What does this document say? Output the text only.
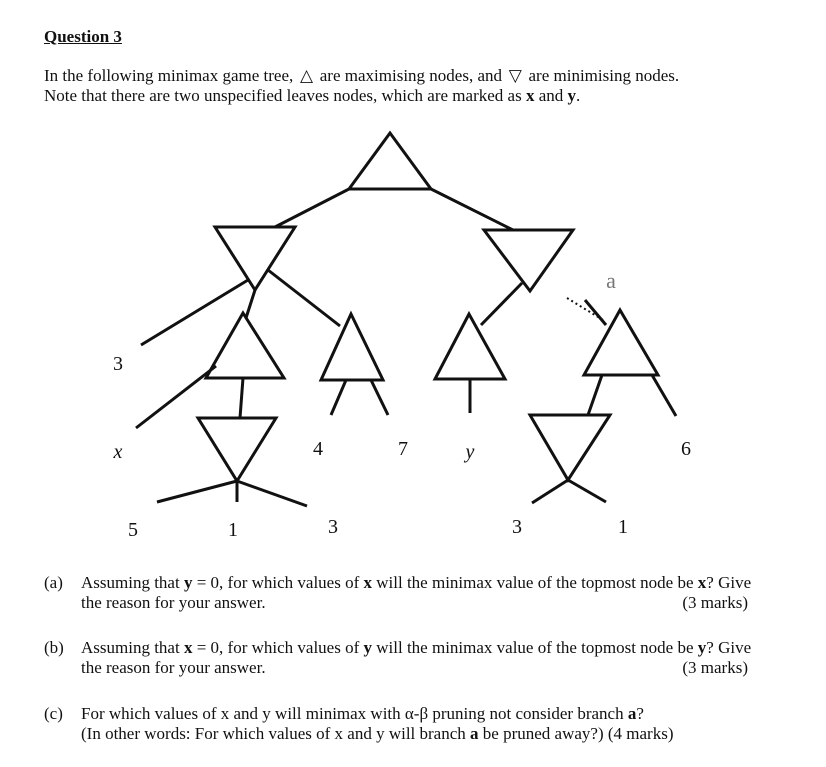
Question 3
In the following minimax game tree, △ are maximising nodes, and ▽ are minimising nodes.
Note that there are two unspecified leaves nodes, which are marked as x and y.
3
x
5	1
4
3
7	y
3	1
6
a
(a) Assuming that y = 0, for which values of x will the minimax value of the topmost node be x? Give the reason for your answer.	(3 marks)
(b) Assuming that x = 0, for which values of y will the minimax value of the topmost node be y? Give the reason for your answer.	(3 marks)
(c) For which values of x and y will minimax with α-β pruning not consider branch a?
(In other words: For which values of x and y will branch a be pruned away?) (4 marks)
